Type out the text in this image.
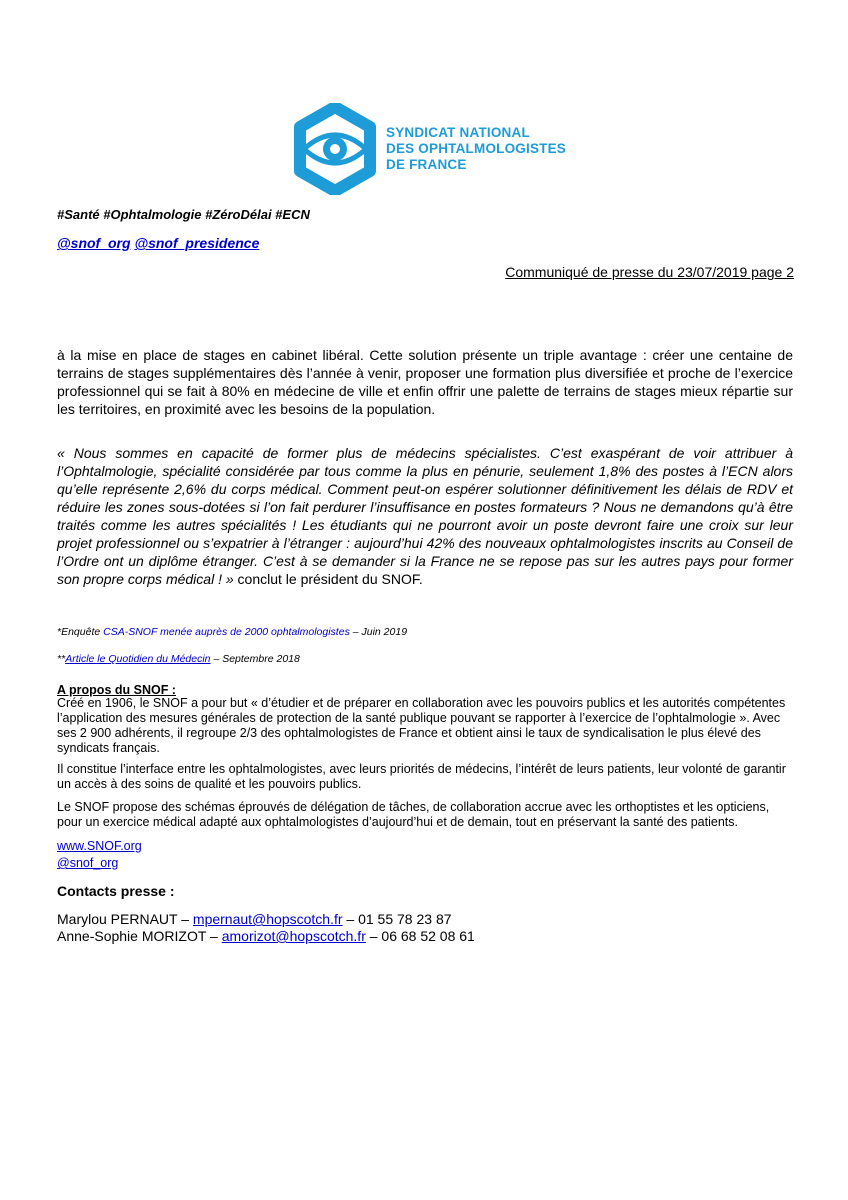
SYNDICAT NATIONAL
DES OPHTALMOLOGISTES
DE FRANCE
#Santé #Ophtalmologie #ZéroDélai #ECN
@snof_org @snof_presidence
Communiqué de presse du 23/07/2019 page 2
à la mise en place de stages en cabinet libéral. Cette solution présente un triple avantage : créer une centaine de terrains de stages supplémentaires dès l’année à venir, proposer une formation plus diversifiée et proche de l’exercice professionnel qui se fait à 80% en médecine de ville et enfin offrir une palette de terrains de stages mieux répartie sur les territoires, en proximité avec les besoins de la population.
« Nous sommes en capacité de former plus de médecins spécialistes. C’est exaspérant de voir attribuer à l’Ophtalmologie, spécialité considérée par tous comme la plus en pénurie, seulement 1,8% des postes à l’ECN alors qu’elle représente 2,6% du corps médical. Comment peut-on espérer solutionner définitivement les délais de RDV et réduire les zones sous-dotées si l’on fait perdurer l’insuffisance en postes formateurs ? Nous ne demandons qu’à être traités comme les autres spécialités ! Les étudiants qui ne pourront avoir un poste devront faire une croix sur leur projet professionnel ou s’expatrier à l’étranger : aujourd’hui 42% des nouveaux ophtalmologistes inscrits au Conseil de l’Ordre ont un diplôme étranger. C’est à se demander si la France ne se repose pas sur les autres pays pour former son propre corps médical ! » conclut le président du SNOF.
*Enquête CSA-SNOF menée auprès de 2000 ophtalmologistes – Juin 2019
**Article le Quotidien du Médecin – Septembre 2018
A propos du SNOF :
Créé en 1906, le SNOF a pour but « d’étudier et de préparer en collaboration avec les pouvoirs publics et les autorités compétentes l’application des mesures générales de protection de la santé publique pouvant se rapporter à l’exercice de l’ophtalmologie ». Avec ses 2 900 adhérents, il regroupe 2/3 des ophtalmologistes de France et obtient ainsi le taux de syndicalisation le plus élevé des syndicats français.
Il constitue l’interface entre les ophtalmologistes, avec leurs priorités de médecins, l’intérêt de leurs patients, leur volonté de garantir un accès à des soins de qualité et les pouvoirs publics.
Le SNOF propose des schémas éprouvés de délégation de tâches, de collaboration accrue avec les orthoptistes et les opticiens, pour un exercice médical adapté aux ophtalmologistes d’aujourd’hui et de demain, tout en préservant la santé des patients.
www.SNOF.org
@snof_org
Contacts presse :
Marylou PERNAUT – mpernaut@hopscotch.fr – 01 55 78 23 87
Anne-Sophie MORIZOT – amorizot@hopscotch.fr – 06 68 52 08 61
